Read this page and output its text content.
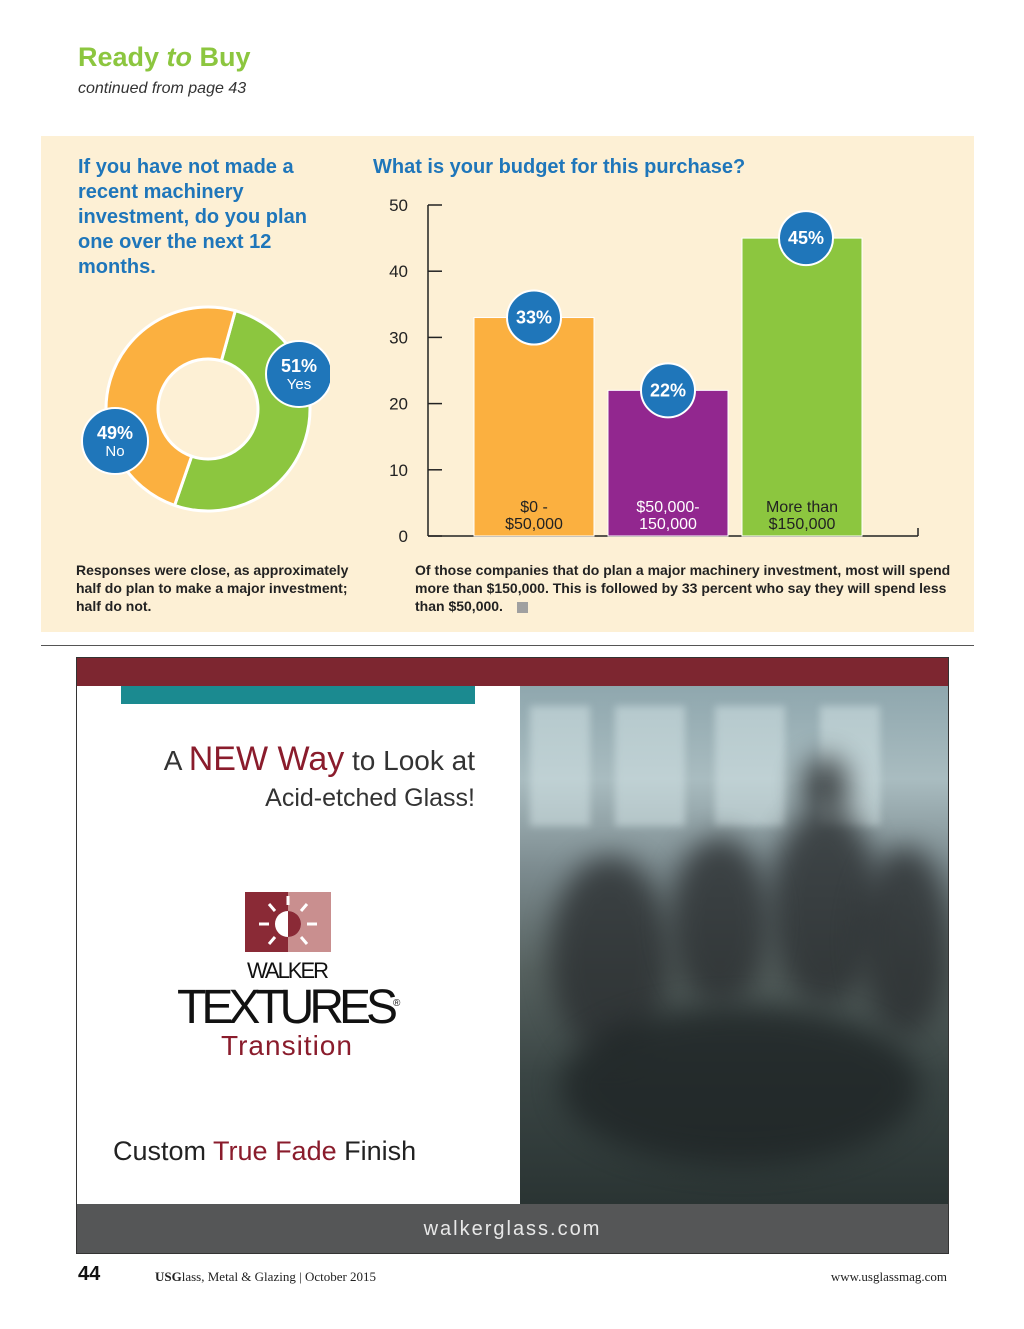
Ready to Buy
continued from page 43
If you have not made a recent machinery investment, do you plan one over the next 12 months.
What is your budget for this purchase?
51%
Yes
49%
No
0
10
20
30
40
50
$0 -
$50,000
33%
$50,000-
150,000
22%
More than
$150,000
45%
Responses were close, as approximately half do plan to make a major investment; half do not.
Of those companies that do plan a major machinery investment, most will spend more than $150,000. This is followed by 33 percent who say they will spend less than $50,000.
A NEW Way to Look at
Acid-etched Glass!
WALKER
TEXTURES®
Transition
Custom True Fade Finish
walkerglass.com
44	USGlass, Metal & Glazing | October 2015	www.usglassmag.com
